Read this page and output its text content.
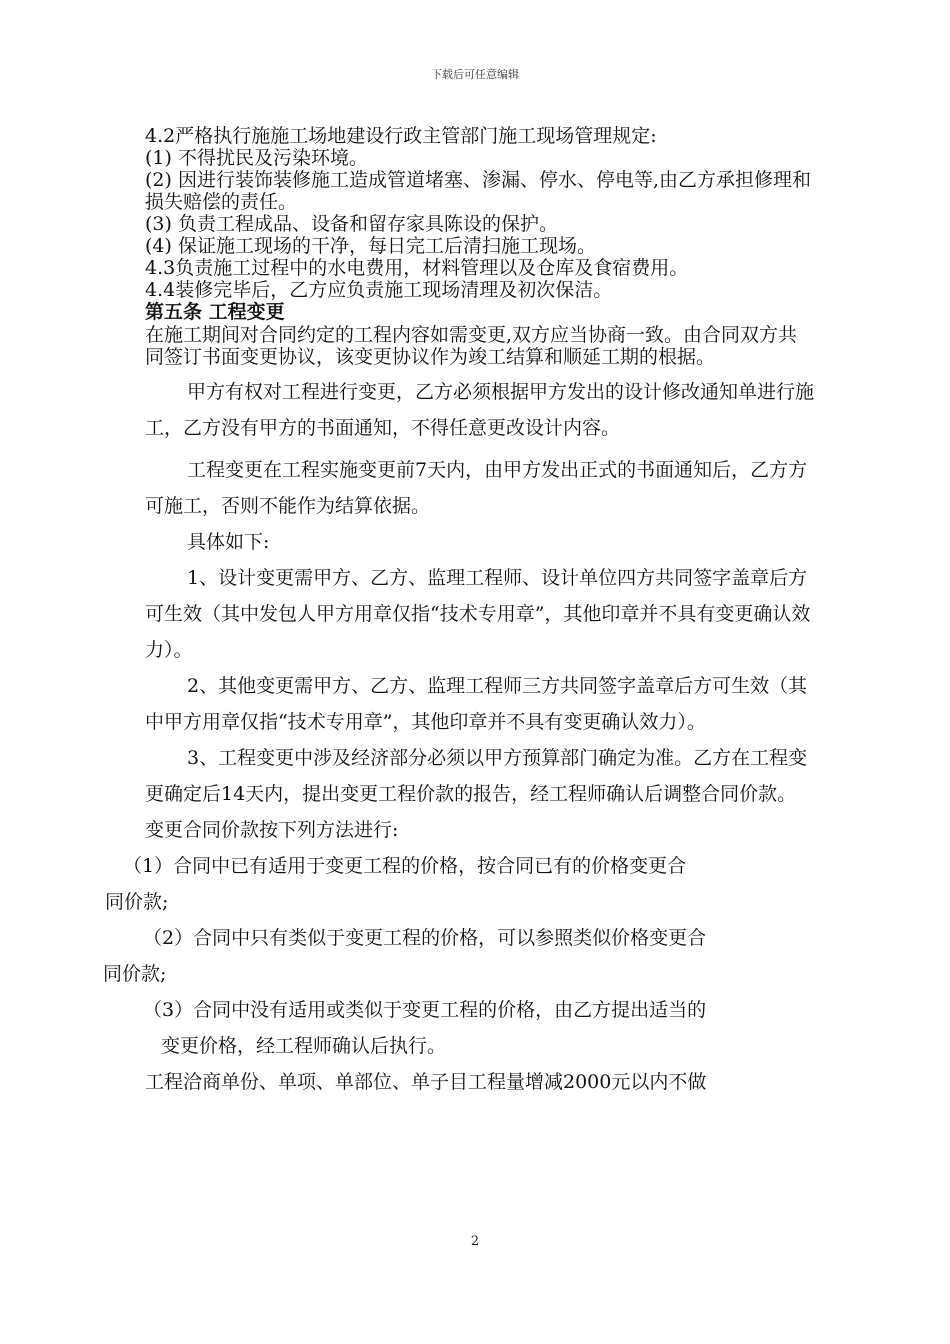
下载后可任意编辑

4.2严格执行施施工场地建设行政主管部门施工现场管理规定:

(1) 不得扰民及污染环境。

(2) 因进行装饰装修施工造成管道堵塞、渗漏、停水、停电等,由乙方承担修理和损失赔偿的责任。

(3) 负责工程成品、设备和留存家具陈设的保护。

(4) 保证施工现场的干净，每日完工后清扫施工现场。

4.3负责施工过程中的水电费用，材料管理以及仓库及食宿费用。

4.4装修完毕后，乙方应负责施工现场清理及初次保洁。

第五条 工程变更

在施工期间对合同约定的工程内容如需变更,双方应当协商一致。由合同双方共同签订书面变更协议，该变更协议作为竣工结算和顺延工期的根据。

甲方有权对工程进行变更，乙方必须根据甲方发出的设计修改通知单进行施工，乙方没有甲方的书面通知，不得任意更改设计内容。

工程变更在工程实施变更前7天内，由甲方发出正式的书面通知后，乙方方可施工，否则不能作为结算依据。

具体如下:

1、设计变更需甲方、乙方、监理工程师、设计单位四方共同签字盖章后方可生效（其中发包人甲方用章仅指“技术专用章”，其他印章并不具有变更确认效力）。

2、其他变更需甲方、乙方、监理工程师三方共同签字盖章后方可生效（其中甲方用章仅指“技术专用章”，其他印章并不具有变更确认效力）。

3、工程变更中涉及经济部分必须以甲方预算部门确定为准。乙方在工程变更确定后14天内，提出变更工程价款的报告，经工程师确认后调整合同价款。变更合同价款按下列方法进行:

（1）合同中已有适用于变更工程的价格，按合同已有的价格变更合
同价款;
（2）合同中只有类似于变更工程的价格，可以参照类似价格变更合
同价款;
（3）合同中没有适用或类似于变更工程的价格，由乙方提出适当的
变更价格，经工程师确认后执行。

工程洽商单份、单项、单部位、单子目工程量增减2000元以内不做

2
